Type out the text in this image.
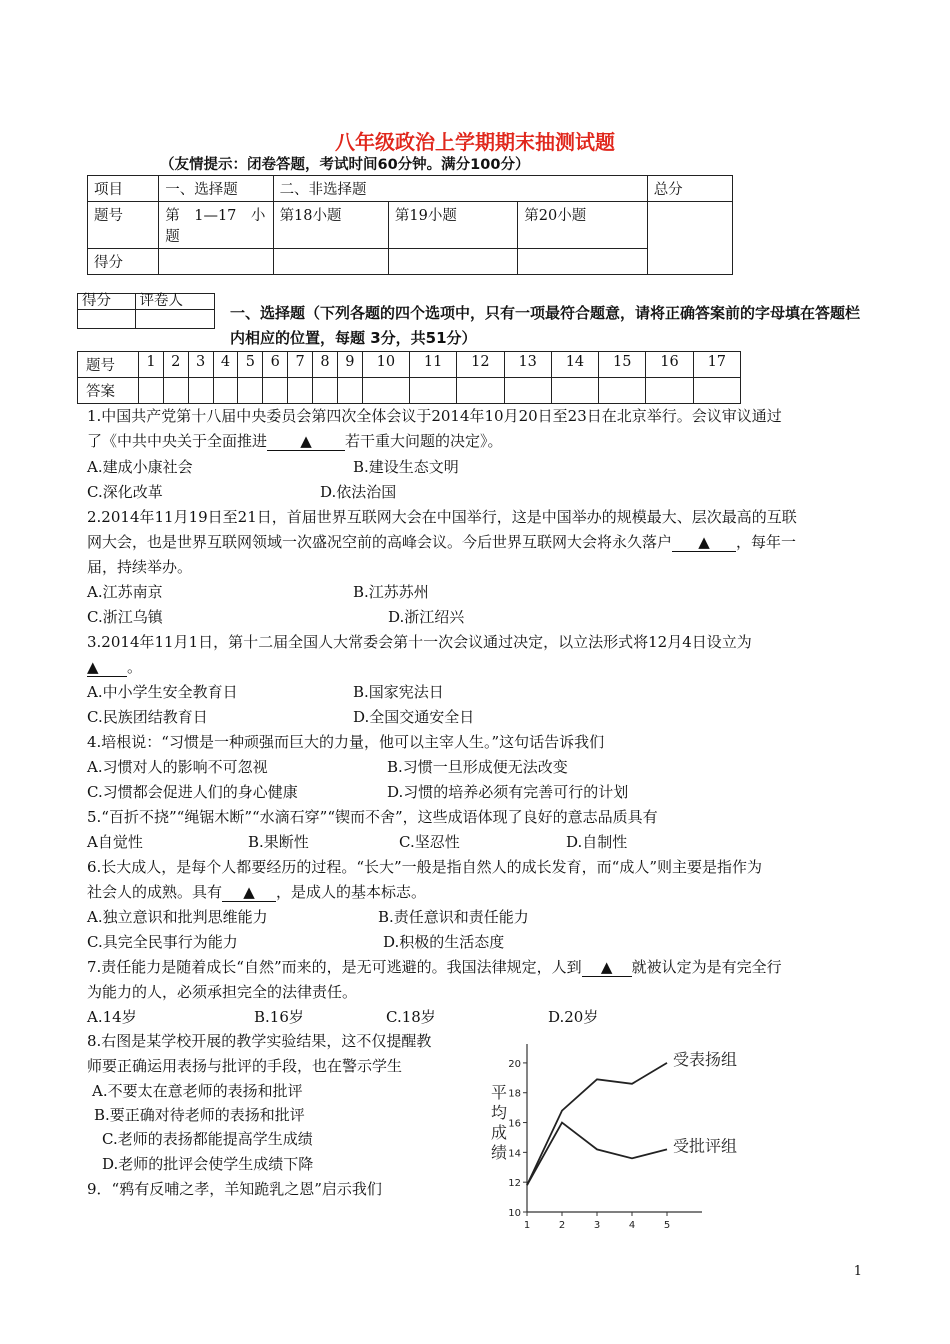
八年级政治上学期期末抽测试题
（友情提示：闭卷答题，考试时间60分钟。满分100分）
项目	一、选择题	二、非选择题			总分
题号	第　1—17　小题	第18小题	第19小题	第20小题	
得分					
得分	评卷人

一、选择题（下列各题的四个选项中，只有一项最符合题意，请将正确答案前的字母填在答题栏内相应的位置，每题 3分，共51分）
题号	1	2	3	4	5	6	7	8	9	10	11	12	13	14	15	16	17
答案																	
1.中国共产党第十八届中央委员会第四次全体会议于2014年10月20日至23日在北京举行。会议审议通过
了《中共中央关于全面推进 ▲ 若干重大问题的决定》。
A.建成小康社会	B.建设生态文明
C.深化改革	D.依法治国
2.2014年11月19日至21日，首届世界互联网大会在中国举行，这是中国举办的规模最大、层次最高的互联
网大会，也是世界互联网领域一次盛况空前的高峰会议。今后世界互联网大会将永久落户 ▲ ，每年一
届，持续举办。
A.江苏南京	B.江苏苏州
C.浙江乌镇	D.浙江绍兴
3.2014年11月1日，第十二届全国人大常委会第十一次会议通过决定，以立法形式将12月4日设立为
▲ 。
A.中小学生安全教育日	B.国家宪法日
C.民族团结教育日	D.全国交通安全日
4.培根说：“习惯是一种顽强而巨大的力量，他可以主宰人生。”这句话告诉我们
A.习惯对人的影响不可忽视	B.习惯一旦形成便无法改变
C.习惯都会促进人们的身心健康	D.习惯的培养必须有完善可行的计划
5.“百折不挠”“绳锯木断”“水滴石穿”“锲而不舍”，这些成语体现了良好的意志品质具有
A自觉性	B.果断性	C.坚忍性	D.自制性
6.长大成人，是每个人都要经历的过程。“长大”一般是指自然人的成长发育，而“成人”则主要是指作为
社会人的成熟。具有 ▲ ，是成人的基本标志。
A.独立意识和批判思维能力	B.责任意识和责任能力
C.具完全民事行为能力	D.积极的生活态度
7.责任能力是随着成长“自然”而来的，是无可逃避的。我国法律规定，人到 ▲ 就被认定为是有完全行
为能力的人，必须承担完全的法律责任。
A.14岁	B.16岁	C.18岁	D.20岁
8.右图是某学校开展的教学实验结果，这不仅提醒教
师要正确运用表扬与批评的手段，也在警示学生
A.不要太在意老师的表扬和批评
B.要正确对待老师的表扬和批评
C.老师的表扬都能提高学生成绩
D.老师的批评会使学生成绩下降
9．“鸦有反哺之孝，羊知跪乳之恩”启示我们
10
12
14
16
18
20
1	2	3	4	5
平
均
成
绩
受表扬组
受批评组
1
